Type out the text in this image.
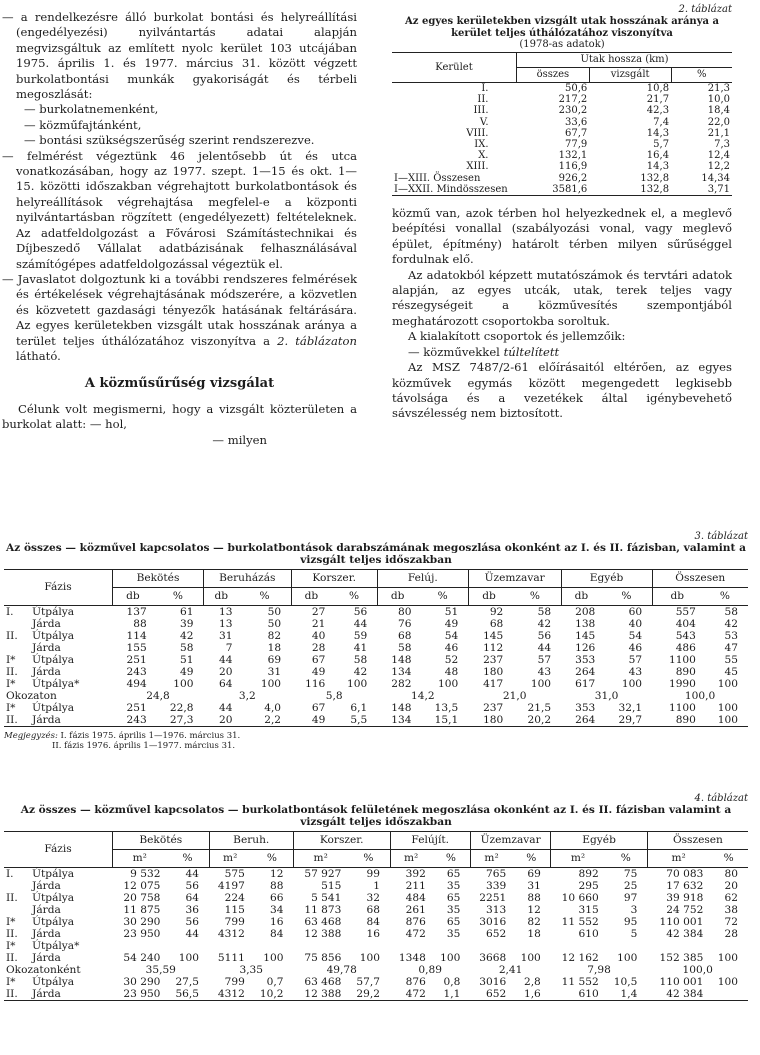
— a rendelkezésre álló burkolat bontási és helyreállítási (engedélyezési) nyilvántartás adatai alapján megvizsgáltuk az említett nyolc kerület 103 utcájában 1975. április 1. és 1977. március 31. között végzett burkolatbontási munkák gyakoriságát és térbeli megoszlását:

— burkolatnemenként,

— közműfajtánként,

— bontási szükségszerűség szerint rendszerezve.

— felmérést végeztünk 46 jelentősebb út és utca vonatkozásában, hogy az 1977. szept. 1—15 és okt. 1—15. közötti időszakban végrehajtott burkolatbontások és helyreállítások végrehajtása megfelel-e a központi nyilvántartásban rögzített (engedélyezett) feltételeknek. Az adatfeldolgozást a Fővárosi Számítástechnikai és Díjbeszedő Vállalat adatbázisának felhasználásával számítógépes adatfeldolgozással végeztük el.

— Javaslatot dolgoztunk ki a további rendszeres felmérések és értékelések végrehajtásának módszerére, a közvetlen és közvetett gazdasági tényezők hatásának feltárására. Az egyes kerületekben vizsgált utak hosszának aránya a terület teljes úthálózatához viszonyítva a 2. táblázaton látható.

A közműsűrűség vizsgálat

Célunk volt megismerni, hogy a vizsgált közterületen a burkolat alatt: — hol,

— milyen

2. táblázat
Az egyes kerületekben vizsgált utak hosszának aránya a kerület teljes úthálózatához viszonyítva
(1978-as adatok)
Kerület	Utak hossza (km)		
	összes	vizsgált	%

I.	50,6	10,8	21,3
II.	217,2	21,7	10,0
III.	230,2	42,3	18,4
V.	33,6	7,4	22,0
VIII.	67,7	14,3	21,1
IX.	77,9	5,7	7,3
X.	132,1	16,4	12,4
XIII.	116,9	14,3	12,2

I—XIII. Összesen	926,2	132,8	14,34
I—XXII. Mindösszesen	3581,6	132,8	3,71

közmű van, azok térben hol helyezkednek el, a meglevő beépítési vonallal (szabályozási vonal, vagy meglevő épület, építmény) határolt térben milyen sűrűséggel fordulnak elő.

Az adatokból képzett mutatószámok és tervtári adatok alapján, az egyes utcák, utak, terek teljes vagy részegységeit a közművesítés szempontjából meghatározott csoportokba soroltuk.

A kialakított csoportok és jellemzőik:

— közművekkel túltelített

Az MSZ 7487/2-61 előírásaitól eltérően, az egyes közművek egymás között megengedett legkisebb távolsága és a vezetékek által igénybevehető sávszélesség nem biztosított.

3. táblázat
Az összes — közművel kapcsolatos — burkolatbontások darabszámának megoszlása okonként az I. és II. fázisban, valamint a vizsgált teljes időszakban
Fázis		Bekötés		Beruházás		Korszer.		Felúj.		Üzemzavar		Egyéb		Összesen	
		db	%	db	%	db	%	db	%	db	%	db	%	db	%

I.	Útpálya	137	61	13	50	27	56	80	51	92	58	208	60	557	58
	Járda	88	39	13	50	21	44	76	49	68	42	138	40	404	42
II.	Útpálya	114	42	31	82	40	59	68	54	145	56	145	54	543	53
	Járda	155	58	7	18	28	41	58	46	112	44	126	46	486	47
I*	Útpálya	251	51	44	69	67	58	148	52	237	57	353	57	1100	55
II.	Járda	243	49	20	31	49	42	134	48	180	43	264	43	890	45

I*	Útpálya*	494	100	64	100	116	100	282	100	417	100	617	100	1990	100

Okozaton		24,8		3,2		5,8		14,2		21,0		31,0		100,0	
I*	Útpálya	251	22,8	44	4,0	67	6,1	148	13,5	237	21,5	353	32,1	1100	100
II.	Járda	243	27,3	20	2,2	49	5,5	134	15,1	180	20,2	264	29,7	890	100
Megjegyzés: I. fázis 1975. április 1—1976. március 31.
II. fázis 1976. április 1—1977. március 31.
4. táblázat
Az összes — közművel kapcsolatos — burkolatbontások felületének megoszlása okonként az I. és II. fázisban valamint a vizsgált teljes időszakban
Fázis		Bekötés		Beruh.		Korszer.		Felújít.		Üzemzavar		Egyéb		Összesen	
		m²	%	m²	%	m²	%	m²	%	m²	%	m²	%	m²	%

I.	Útpálya	9 532	44	575	12	57 927	99	392	65	765	69	892	75	70 083	80
	Járda	12 075	56	4197	88	515	1	211	35	339	31	295	25	17 632	20
II.	Útpálya	20 758	64	224	66	5 541	32	484	65	2251	88	10 660	97	39 918	62
	Járda	11 875	36	115	34	11 873	68	261	35	313	12	315	3	24 752	38
I*	Útpálya	30 290	56	799	16	63 468	84	876	65	3016	82	11 552	95	110 001	72
II.	Járda	23 950	44	4312	84	12 388	16	472	35	652	18	610	5	42 384	28
I*	Útpálya*														
II.	Járda	54 240	100	5111	100	75 856	100	1348	100	3668	100	12 162	100	152 385	100

Okozatonként		35,59		3,35		49,78		0,89		2,41		7,98		100,0	
I*	Útpálya	30 290	27,5	799	0,7	63 468	57,7	876	0,8	3016	2,8	11 552	10,5	110 001	100
II.	Járda	23 950	56,5	4312	10,2	12 388	29,2	472	1,1	652	1,6	610	1,4	42 384	
